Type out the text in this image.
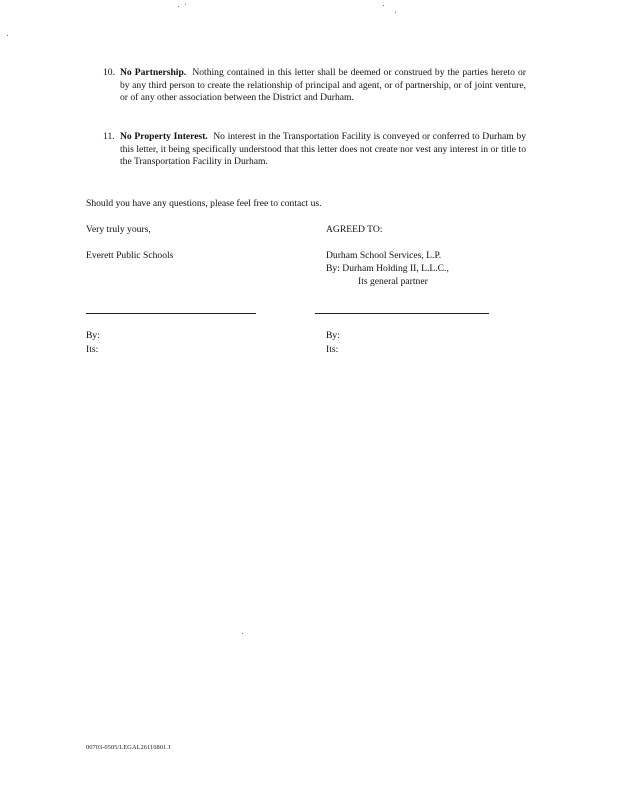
10. No Partnership. Nothing contained in this letter shall be deemed or construed by the parties hereto or by any third person to create the relationship of principal and agent, or of partnership, or of joint venture, or of any other association between the District and Durham.
11. No Property Interest. No interest in the Transportation Facility is conveyed or conferred to Durham by this letter, it being specifically understood that this letter does not create nor vest any interest in or title to the Transportation Facility in Durham.
Should you have any questions, please feel free to contact us.
Very truly yours,
Everett Public Schools
By:
Its:
AGREED TO:
Durham School Services, L.P.
By: Durham Holding II, L.L.C.,
Its general partner
By:
Its:
00703-0505/LEGAL26110801.1
